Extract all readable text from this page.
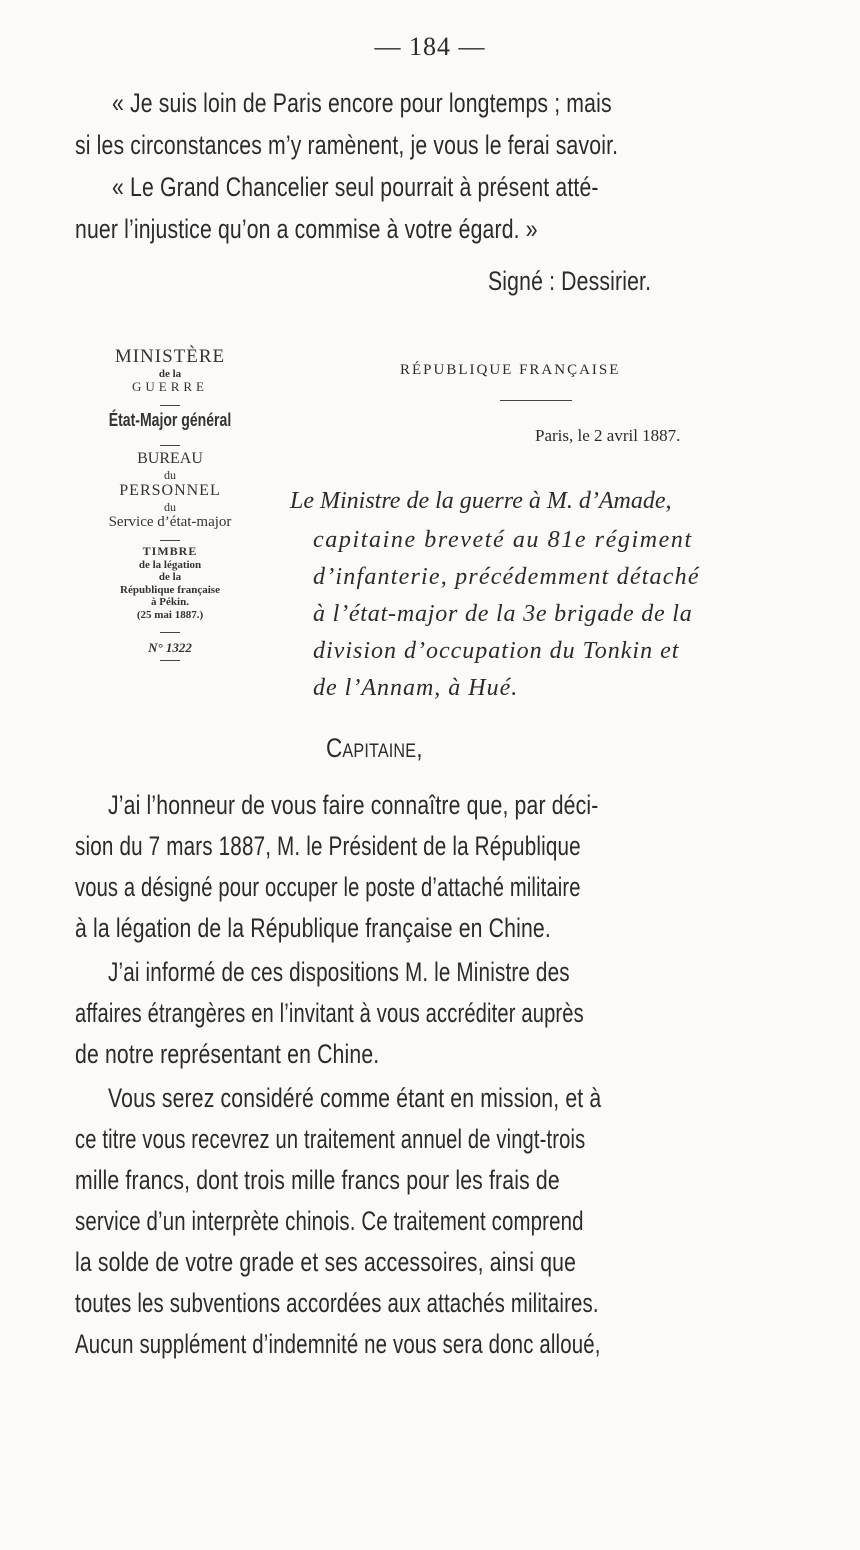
— 184 —
« Je suis loin de Paris encore pour longtemps ; mais
si les circonstances m’y ramènent, je vous le ferai savoir.
« Le Grand Chancelier seul pourrait à présent atté-
nuer l’injustice qu’on a commise à votre égard. »
Signé : Dessirier.
MINISTÈRE
de la
GUERRE
État-Major général
BUREAU
du
PERSONNEL
du
Service d’état-major
TIMBRE
de la légation
de la
République française
à Pékin.
(25 mai 1887.)
N° 1322
RÉPUBLIQUE FRANÇAISE
Paris, le 2 avril 1887.
Le Ministre de la guerre à M. d’Amade,
capitaine breveté au 81e régiment
d’infanterie, précédemment détaché
à l’état-major de la 3e brigade de la
division d’occupation du Tonkin et
de l’Annam, à Hué.
Capitaine,
J’ai l’honneur de vous faire connaître que, par déci-
sion du 7 mars 1887, M. le Président de la République
vous a désigné pour occuper le poste d’attaché militaire
à la légation de la République française en Chine.
J’ai informé de ces dispositions M. le Ministre des
affaires étrangères en l’invitant à vous accréditer auprès
de notre représentant en Chine.
Vous serez considéré comme étant en mission, et à
ce titre vous recevrez un traitement annuel de vingt-trois
mille francs, dont trois mille francs pour les frais de
service d’un interprète chinois. Ce traitement comprend
la solde de votre grade et ses accessoires, ainsi que
toutes les subventions accordées aux attachés militaires.
Aucun supplément d’indemnité ne vous sera donc alloué,
